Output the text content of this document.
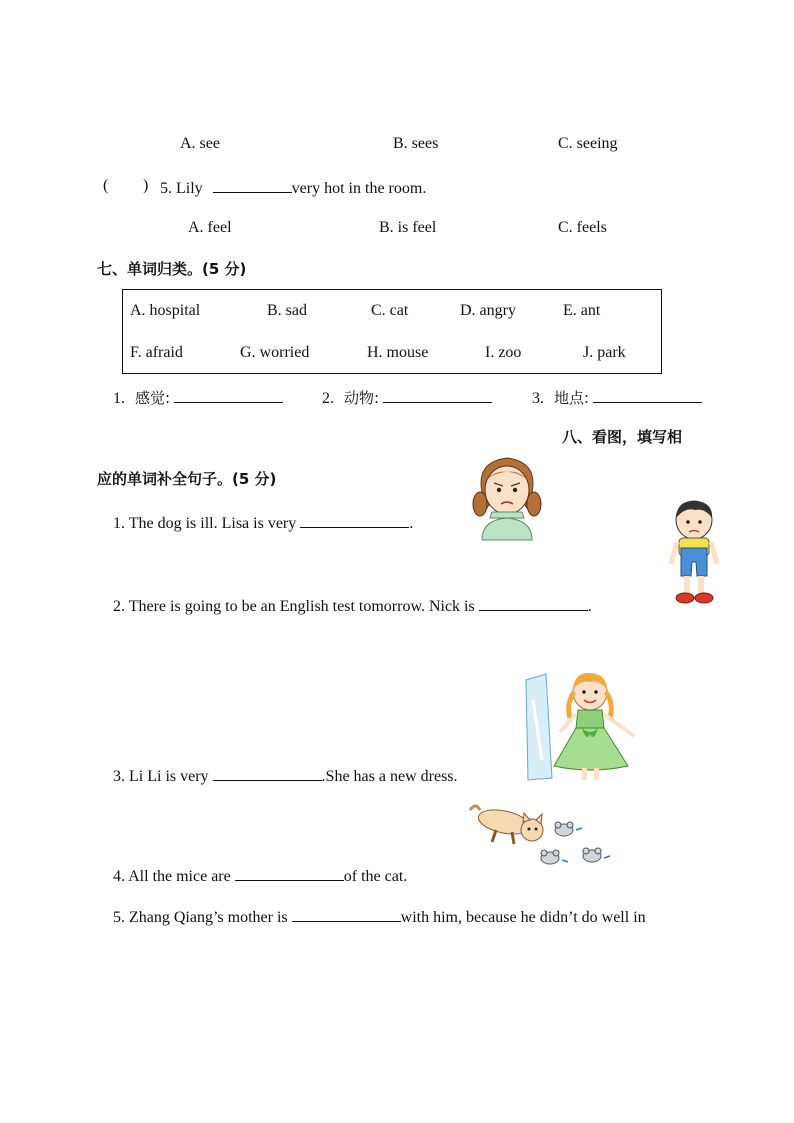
A. see	B. sees	C. seeing
( ) 5. Lily	very hot in the room.
A. feel	B. is feel	C. feels
七、单词归类。(5 分)
A. hospital	B. sad	C. cat	D. angry	E. ant
F. afraid	G. worried	H. mouse	I. zoo	J. park
1. 感觉:	2. 动物:	3. 地点:
八、看图，填写相
应的单词补全句子。(5 分)
1. The dog is ill. Lisa is very	.
2. There is going to be an English test tomorrow. Nick is	.
3. Li Li is very	.She has a new dress.
4. All the mice are	of the cat.
5. Zhang Qiang’s mother is	with him, because he didn’t do well in
